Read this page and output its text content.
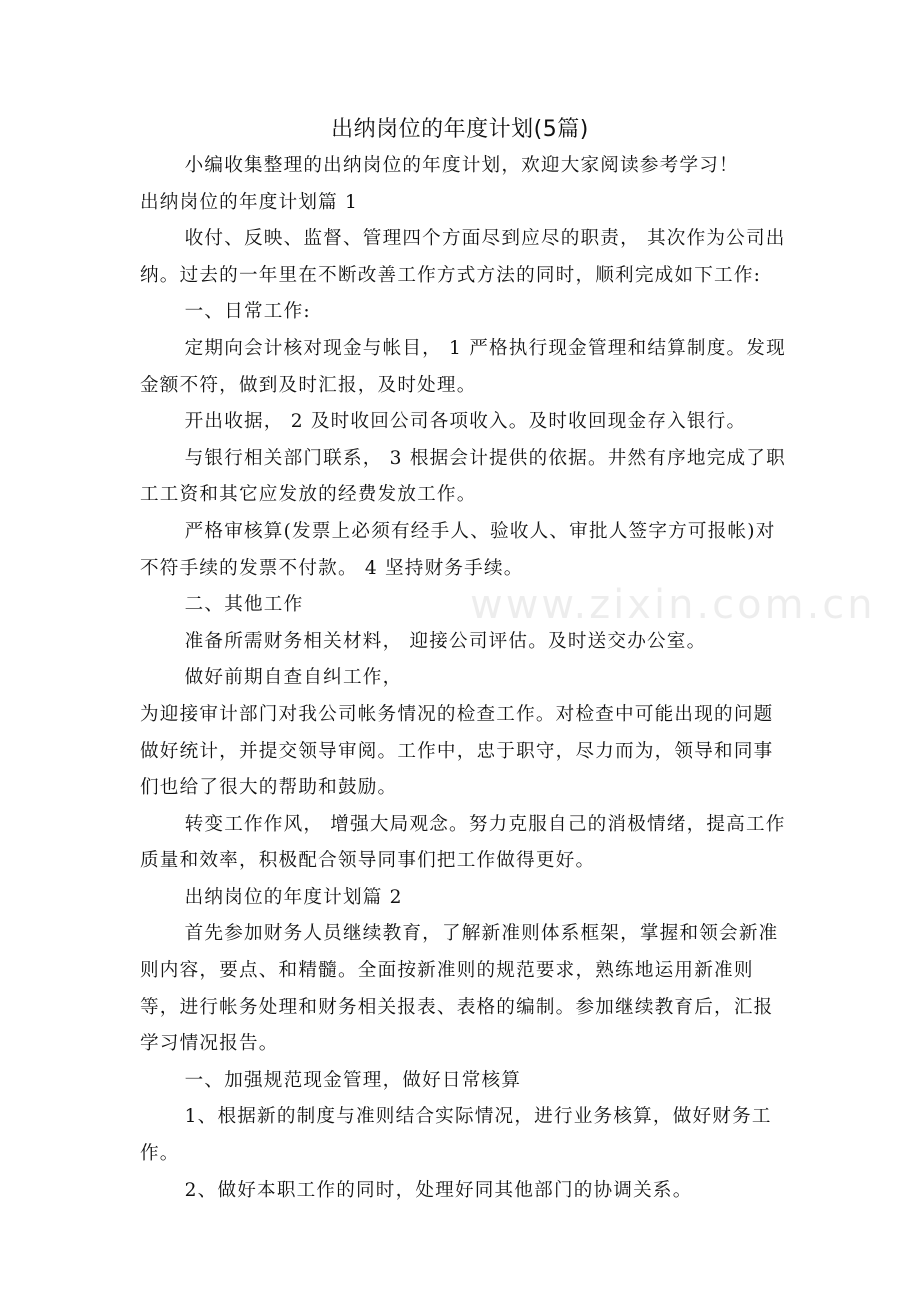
出纳岗位的年度计划(5篇)
www.zixin.com.cn

小编收集整理的出纳岗位的年度计划，欢迎大家阅读参考学习！

出纳岗位的年度计划篇 1

收付、反映、监督、管理四个方面尽到应尽的职责， 其次作为公司出纳。过去的一年里在不断改善工作方式方法的同时，顺利完成如下工作:

一、日常工作:

定期向会计核对现金与帐目， 1 严格执行现金管理和结算制度。发现金额不符，做到及时汇报，及时处理。

开出收据， 2 及时收回公司各项收入。及时收回现金存入银行。

与银行相关部门联系， 3 根据会计提供的依据。井然有序地完成了职工工资和其它应发放的经费发放工作。

严格审核算(发票上必须有经手人、验收人、审批人签字方可报帐)对不符手续的发票不付款。 4 坚持财务手续。

二、其他工作

准备所需财务相关材料， 迎接公司评估。及时送交办公室。

做好前期自查自纠工作，

为迎接审计部门对我公司帐务情况的检查工作。对检查中可能出现的问题做好统计，并提交领导审阅。工作中，忠于职守，尽力而为，领导和同事们也给了很大的帮助和鼓励。

转变工作作风， 增强大局观念。努力克服自己的消极情绪，提高工作质量和效率，积极配合领导同事们把工作做得更好。

出纳岗位的年度计划篇 2

首先参加财务人员继续教育，了解新准则体系框架，掌握和领会新准则内容，要点、和精髓。全面按新准则的规范要求，熟练地运用新准则等，进行帐务处理和财务相关报表、表格的编制。参加继续教育后，汇报学习情况报告。

一、加强规范现金管理，做好日常核算

1、根据新的制度与准则结合实际情况，进行业务核算，做好财务工作。

2、做好本职工作的同时，处理好同其他部门的协调关系。
